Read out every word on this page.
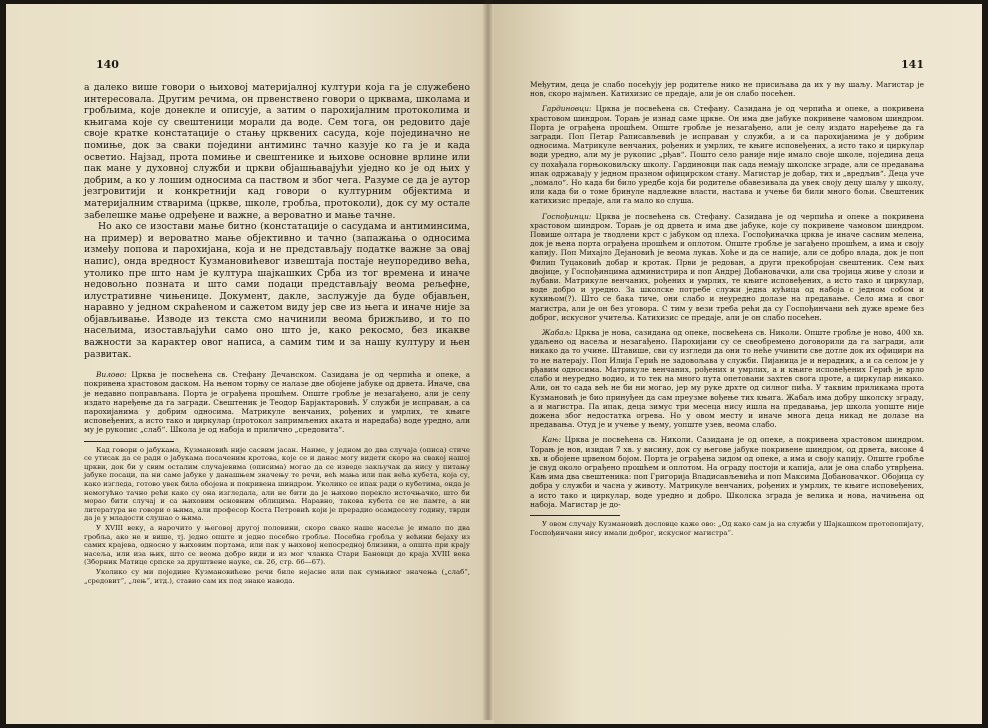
140

а далеко више говори о њиховој материјалној култури која га је служебено интересовала. Другим речима, он првенствено говори о црквама, школама и гробљима, које донекле и описује, а затим о парохијалним протоколима и књигама које су свештеници морали да воде. Сем тога, он редовито даје своје кратке констатације о стању црквених сасуда, које појединачно не помиње, док за сваки поједини антиминс тачно казује ко га је и када осветио. Најзад, прота помиње и свештенике и њихове основне врлине или пак мане у духовној служби и цркви објашњавајући уједно ко је од њих у добрим, а ко у лошим односима са паством и због чега. Разуме се да је аутор језгровитији и конкретнији кад говори о културним објектима и материјалним стварима (цркве, школе, гробља, протоколи), док су му остале забелешке мање одређене и важне, а вероватно и мање тачне.

Но ако се изостави мање битно (констатације о сасудама и антиминсима, на пример) и вероватно мање објективно и тачно (запажања о односима између попова и парохијана, која и не представљају податке важне за овај напис), онда вредност Кузмановићевог извештаја постаје неупоредиво већа, утолико пре што нам је култура шајкашких Срба из тог времена и иначе недовољно позната и што сами подаци представљају веома рељефне, илустративне чињенице. Документ, дакле, заслужује да буде објављен, наравно у једном скраћеном и сажетом виду јер све из њега и иначе није за објављивање. Изводе из текста смо начинили веома брижљиво, и то по насељима, изостављајући само оно што је, како рекосмо, без икакве важности за карактер овог написа, а самим тим и за нашу културу и њен развитак.

Вилово: Црква је посвећена св. Стефану Дечанском. Сазидана је од черпића и опеке, а покривена храстовом даском. На њеном торњу се налазе две обојене јабуке од дрвета. Иначе, сва је недавно поправљана. Порта је ограђена прошћем. Опште гробље је незагађено, али је селу издато наређење да га загради. Свештеник је Теодор Барјактаровић. У служби је исправан, а са парохијанима у добрим односима. Матрикуле венчаних, рођених и умрлих, те књиге исповеђених, а исто тако и циркулар (протокол запримљених аката и наредаба) воде уредно, али му је рукопис „слаб“. Школа је од набоја и прилично „средовита“.

Кад говори о јабукама, Кузмановић није сасвим јасан. Наиме, у једном до два случаја (описа) стиче се утисак да се ради о јабукама посаченим кротова, које се и данас могу видети скоро на свакој нашој цркви, док би у свим осталим случајевима (описима) могао да се изведе закључак да нису у питању јабуке посаци, па ни саме јабуке у данашњем значењу те речи, већ мања или пак већа кубета, која су, како изгледа, готово увек била обојена и покривена шиндром. Уколико се ипак ради о кубетима, онда је немогућно тачно рећи како су она изгледала, али не бити да је њихово порекло источњачко, што би морао бити случај и са њиховим основним облицима. Наравно, такова кубета се не памте, а ни литература не говори о њима, али професор Коста Петровић који је прерадио осамдесету годину, тврди да је у младости слушао о њима.

У XVIII веку, а нарочито у његовој другој половини, скоро свако наше насеље је имало по два гробља, ако не и више, тј. једно опште и једно посебно гробље. Посебна гробља у већини бејаху из самих крајева, односно у њиховим портама, или пак у њиховој непосредној близини, а општа при крају насеља, или иза њих, што се веома добро види и из мог чланка Стари Бановци до краја XVIII века (Зборник Матице српске за друштвене науке, св. 26, стр. 66—67).

Уколико су ми поједине Кузмановићеве речи биле нејасне или пак сумњивог значења („слаб“, „средовит“, „лењ“, итд.), ставио сам их под знаке навода.

141

Међутим, деца је слабо посећују јер родитеље нико не присиљава да их у њу шаљу. Магистар је нов, скоро најмљен. Катихизис се предаје, али је он слабо посећен.

Гардиновци: Црква је посвећена св. Стефану. Сазидана је од черпића и опеке, а покривена храстовом шиндром. Торањ је изнад саме цркве. Он има две јабуке покривене чамовом шиндром. Порта је ограђена прошћем. Опште гробље је незагађено, али је селу издато наређење да га загради. Поп Петар Раписављевић је исправан у служби, а и са парохијанима је у добрим односима. Матрикуле венчаних, рођених и умрлих, те књиге исповеђених, а исто тако и циркулар води уредно, али му је рукопис „рђав“. Пошто село раније није имало своје школе, поједина деца су похађала горњоковиљску школу. Гардиновци пак сада немају школске зграде, али се предавања ипак одржавају у једном празном официрском стану. Магистар је добар, тих и „вредљив“. Деца уче „ломало“. Но када би било уредбе која би родитеље обавезивала да увек своју децу шаљу у школу, или када би о томе бринуле надлежне власти, настава и учење би били много бољи. Свештеник катихизис предаје, али га мало ко слуша.

Госпођинци: Црква је посвећена св. Стефану. Сазидана је од черпића и опеке а покривена храстовом шиндром. Торањ је од дрвета и има две јабуке, које су покривене чамовом шиндром. Повише олтара је тводлени крст с јабуком од плеха. Госпођиначка црква је иначе сасвим мелена, док је њена порта ограђена прошћем и оплотом. Опште гробље је загађено прошћем, а има и своју капију. Поп Михајло Дејановић је веома лукав. Хоће и да се напије, али се добро влада, док је поп Филип Туцаковић добар и кротак. Први је редован, а други прекобројан свештеник. Сем њих двојице, у Госпођинцима администрира и поп Андреј Добановачки, али сва тројица живе у слози и љубави. Матрикуле венчаних, рођених и умрлих, те књиге исповеђених, а исто тако и циркулар, воде добро и уредно. За школске потребе служи једна кућица од набоја с једном собом и кухињом(?). Што се бака тиче, они слабо и неуредно долазе на предавање. Село има и свог магистра, али је он без уговора. С тим у вези треба рећи да су Госпођинчани већ дуже време без доброг, искусног учитеља. Катихизис се предаје, али је он слабо посећен.

Жабаљ: Црква је нова, сазидана од опеке, посвећена св. Николи. Опште гробље је ново, 400 хв. удаљено од насеља и незагађено. Парохијани су се свеобремено договорили да га загради, али никако да то учине. Штавише, сви су изгледи да они то неће учинити све дотле док их официри на то не натерају. Поп Илија Герић не задовољава у служби. Пијаница је и нерадник, а и са селом је у рђавим односима. Матрикуле венчаних, рођених и умрлих, а и књиге исповеђених Герић је врло слабо и неуредно водио, и то тек на много пута опетовани захтев свога проте, а циркулар никако. Али, он то сада већ не би ни могао, јер му руке дрхте од силног пића. У таквим приликама прота Кузмановић је био принуђен да сам преузме вођење тих књига. Жабаљ има добру школску зграду, а и магистра. Па ипак, деца зимус три месеца нису ишла на предавања, јер школа уопште није дожена због недостатка огрева. Но у овом месту и иначе многа деца никад не долазе на предавања. Отуд је и учење у њему, уопште узев, веома слабо.

Кањ: Црква је посвећена св. Николи. Сазидана је од опеке, а покривена храстовом шиндром. Торањ је нов, изидан 7 хв. у висину, док су његове јабуке покривене шиндром, од дрвета, високе 4 хв. и обојене црвеном бојом. Порта је ограђена зидом од опеке, а има и своју капију. Опште гробље је свуд около ограђено прошћем и оплотом. На ограду постоји и капија, али је она слабо утврђена. Кањ има два свештеника: поп Григорија Владисављевића и поп Максима Добановачког. Обојица су добра у служби и часна у животу. Матрикуле венчаних, рођених и умрлих, те књиге исповеђених, а исто тако и циркулар, воде уредно и добро. Школска зграда је велика и нова, начињена од набоја. Магистар је до-

У овом случају Кузмановић дословце каже ово: „Од како сам ја на служби у Шајкашком протопопијату, Госпођинчани нису имали доброг, искусног магистра“.
